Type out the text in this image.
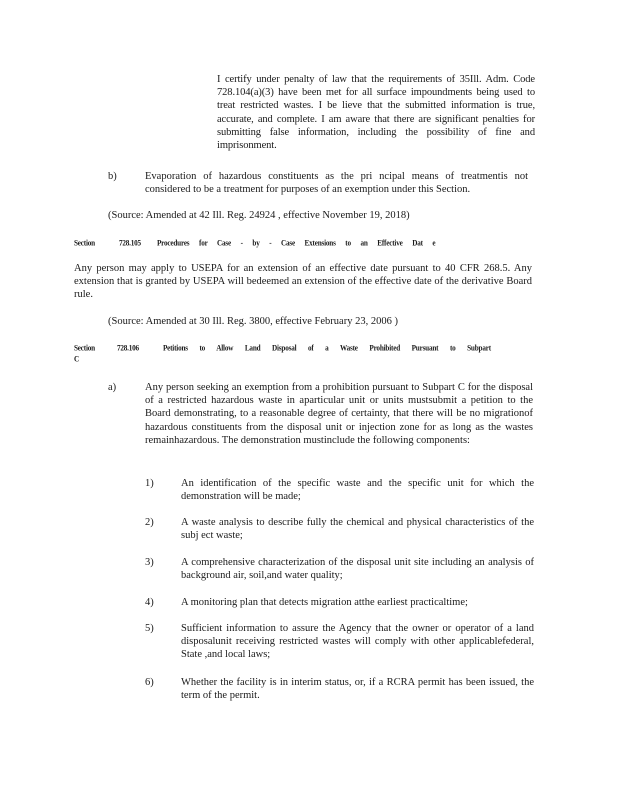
I certify under penalty of law that the requirements of 35Ill. Adm. Code 728.104(a)(3) have been met for all surface impoundments being used to treat restricted wastes. I be lieve that the submitted information is true, accurate, and complete. I am aware that there are significant penalties for submitting false information, including the possibility of fine and imprisonment.
b)	Evaporation of hazardous constituents as the pri ncipal means of treatmentis not considered to be a treatment for purposes of an exemption under this Section.
(Source: Amended at 42 Ill. Reg. 24924 , effective November 19, 2018)
Section	728.105 Procedures for Case - by - Case Extensions to an Effective Dat e
Any person may apply to USEPA for an extension of an effective date pursuant to 40 CFR 268.5. Any extension that is granted by USEPA will bedeemed an extension of the effective date of the derivative Board rule.
(Source: Amended at 30 Ill. Reg. 3800, effective February 23, 2006 )
Section	728.106	Petitions to Allow Land Disposal of a Waste Prohibited Pursuant to Subpart
C
a)	Any person seeking an exemption from a prohibition pursuant to Subpart C for the disposal of a restricted hazardous waste in aparticular unit or units mustsubmit a petition to the Board demonstrating, to a reasonable degree of certainty, that there will be no migrationof hazardous constituents from the disposal unit or injection zone for as long as the wastes remainhazardous. The demonstration mustinclude the following components:
1)	An identification of the specific waste and the specific unit for which the demonstration will be made;
2)	A waste analysis to describe fully the chemical and physical characteristics of the subj ect waste;
3)	A comprehensive characterization of the disposal unit site including an analysis of background air, soil,and water quality;
4)	A monitoring plan that detects migration atthe earliest practicaltime;
5)	Sufficient information to assure the Agency that the owner or operator of a land disposalunit receiving restricted wastes will comply with other applicablefederal, State ,and local laws;
6)	Whether the facility is in interim status, or, if a RCRA permit has been issued, the term of the permit.
